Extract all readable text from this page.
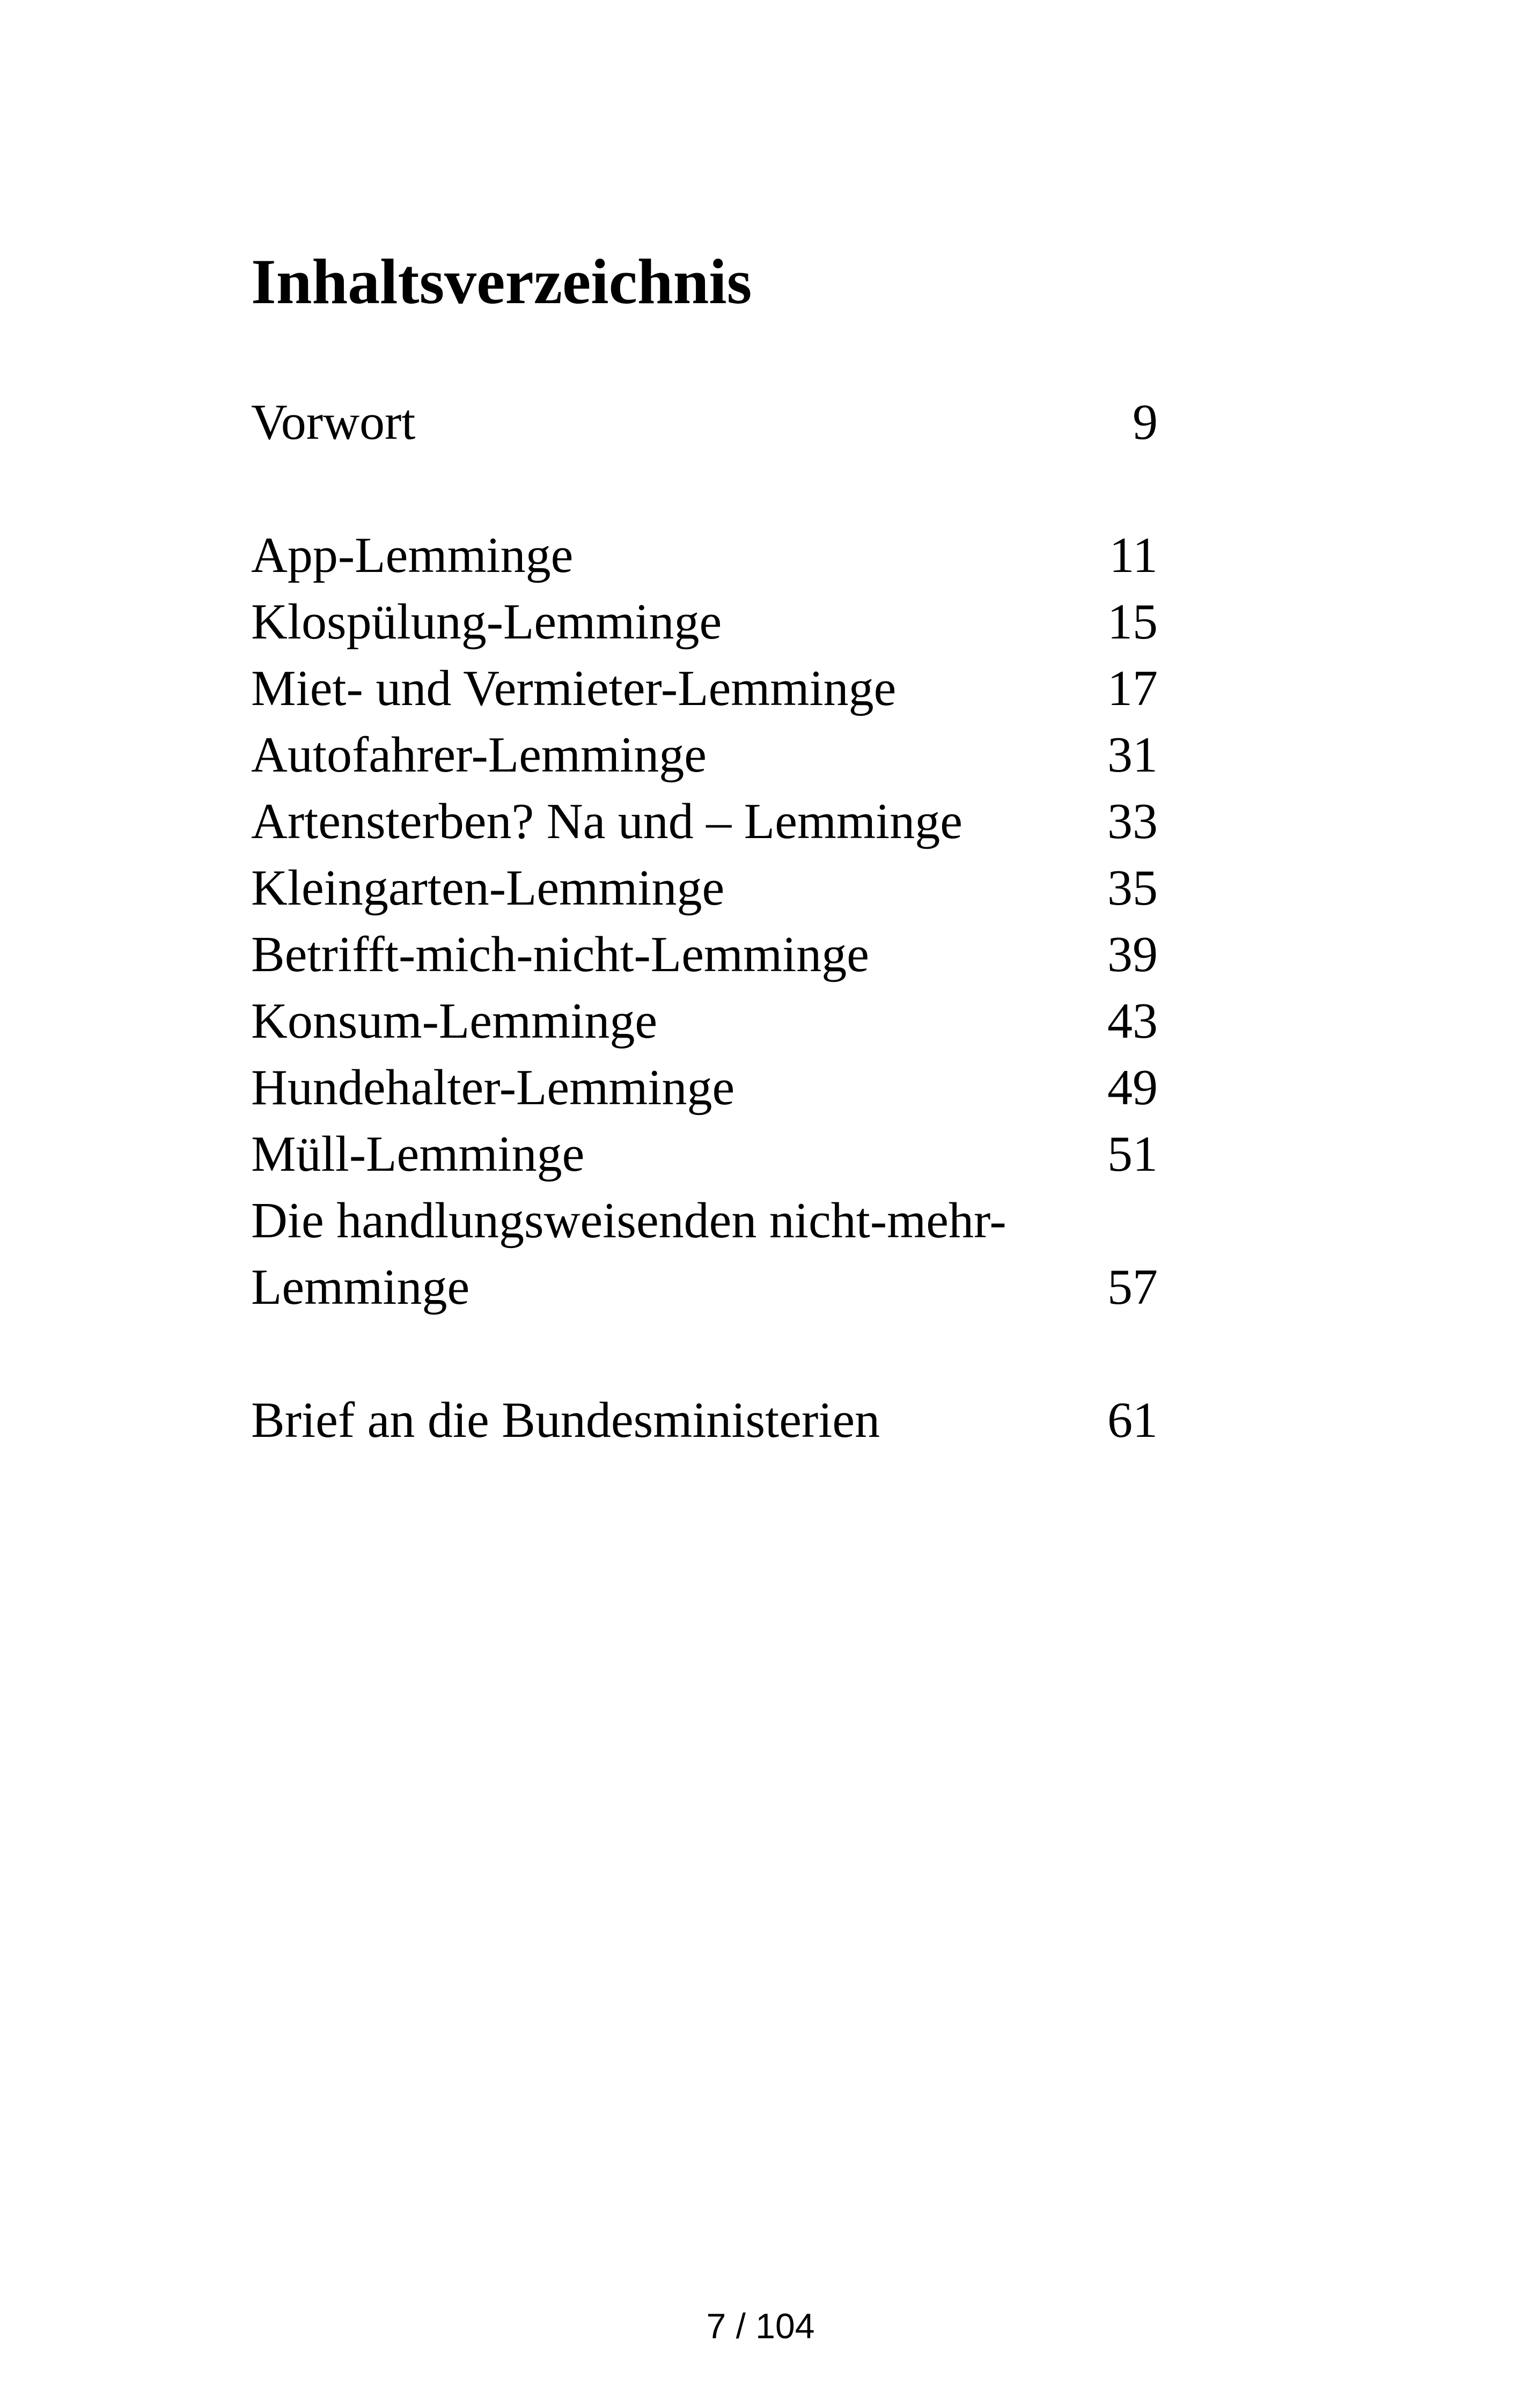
Inhaltsverzeichnis
Vorwort	9
App-Lemminge	11
Klospülung-Lemminge	15
Miet- und Vermieter-Lemminge	17
Autofahrer-Lemminge	31
Artensterben? Na und – Lemminge	33
Kleingarten-Lemminge	35
Betrifft-mich-nicht-Lemminge	39
Konsum-Lemminge	43
Hundehalter-Lemminge	49
Müll-Lemminge	51
Die handlungsweisenden nicht-mehr-
Lemminge	57
Brief an die Bundesministerien	61
7 / 104
